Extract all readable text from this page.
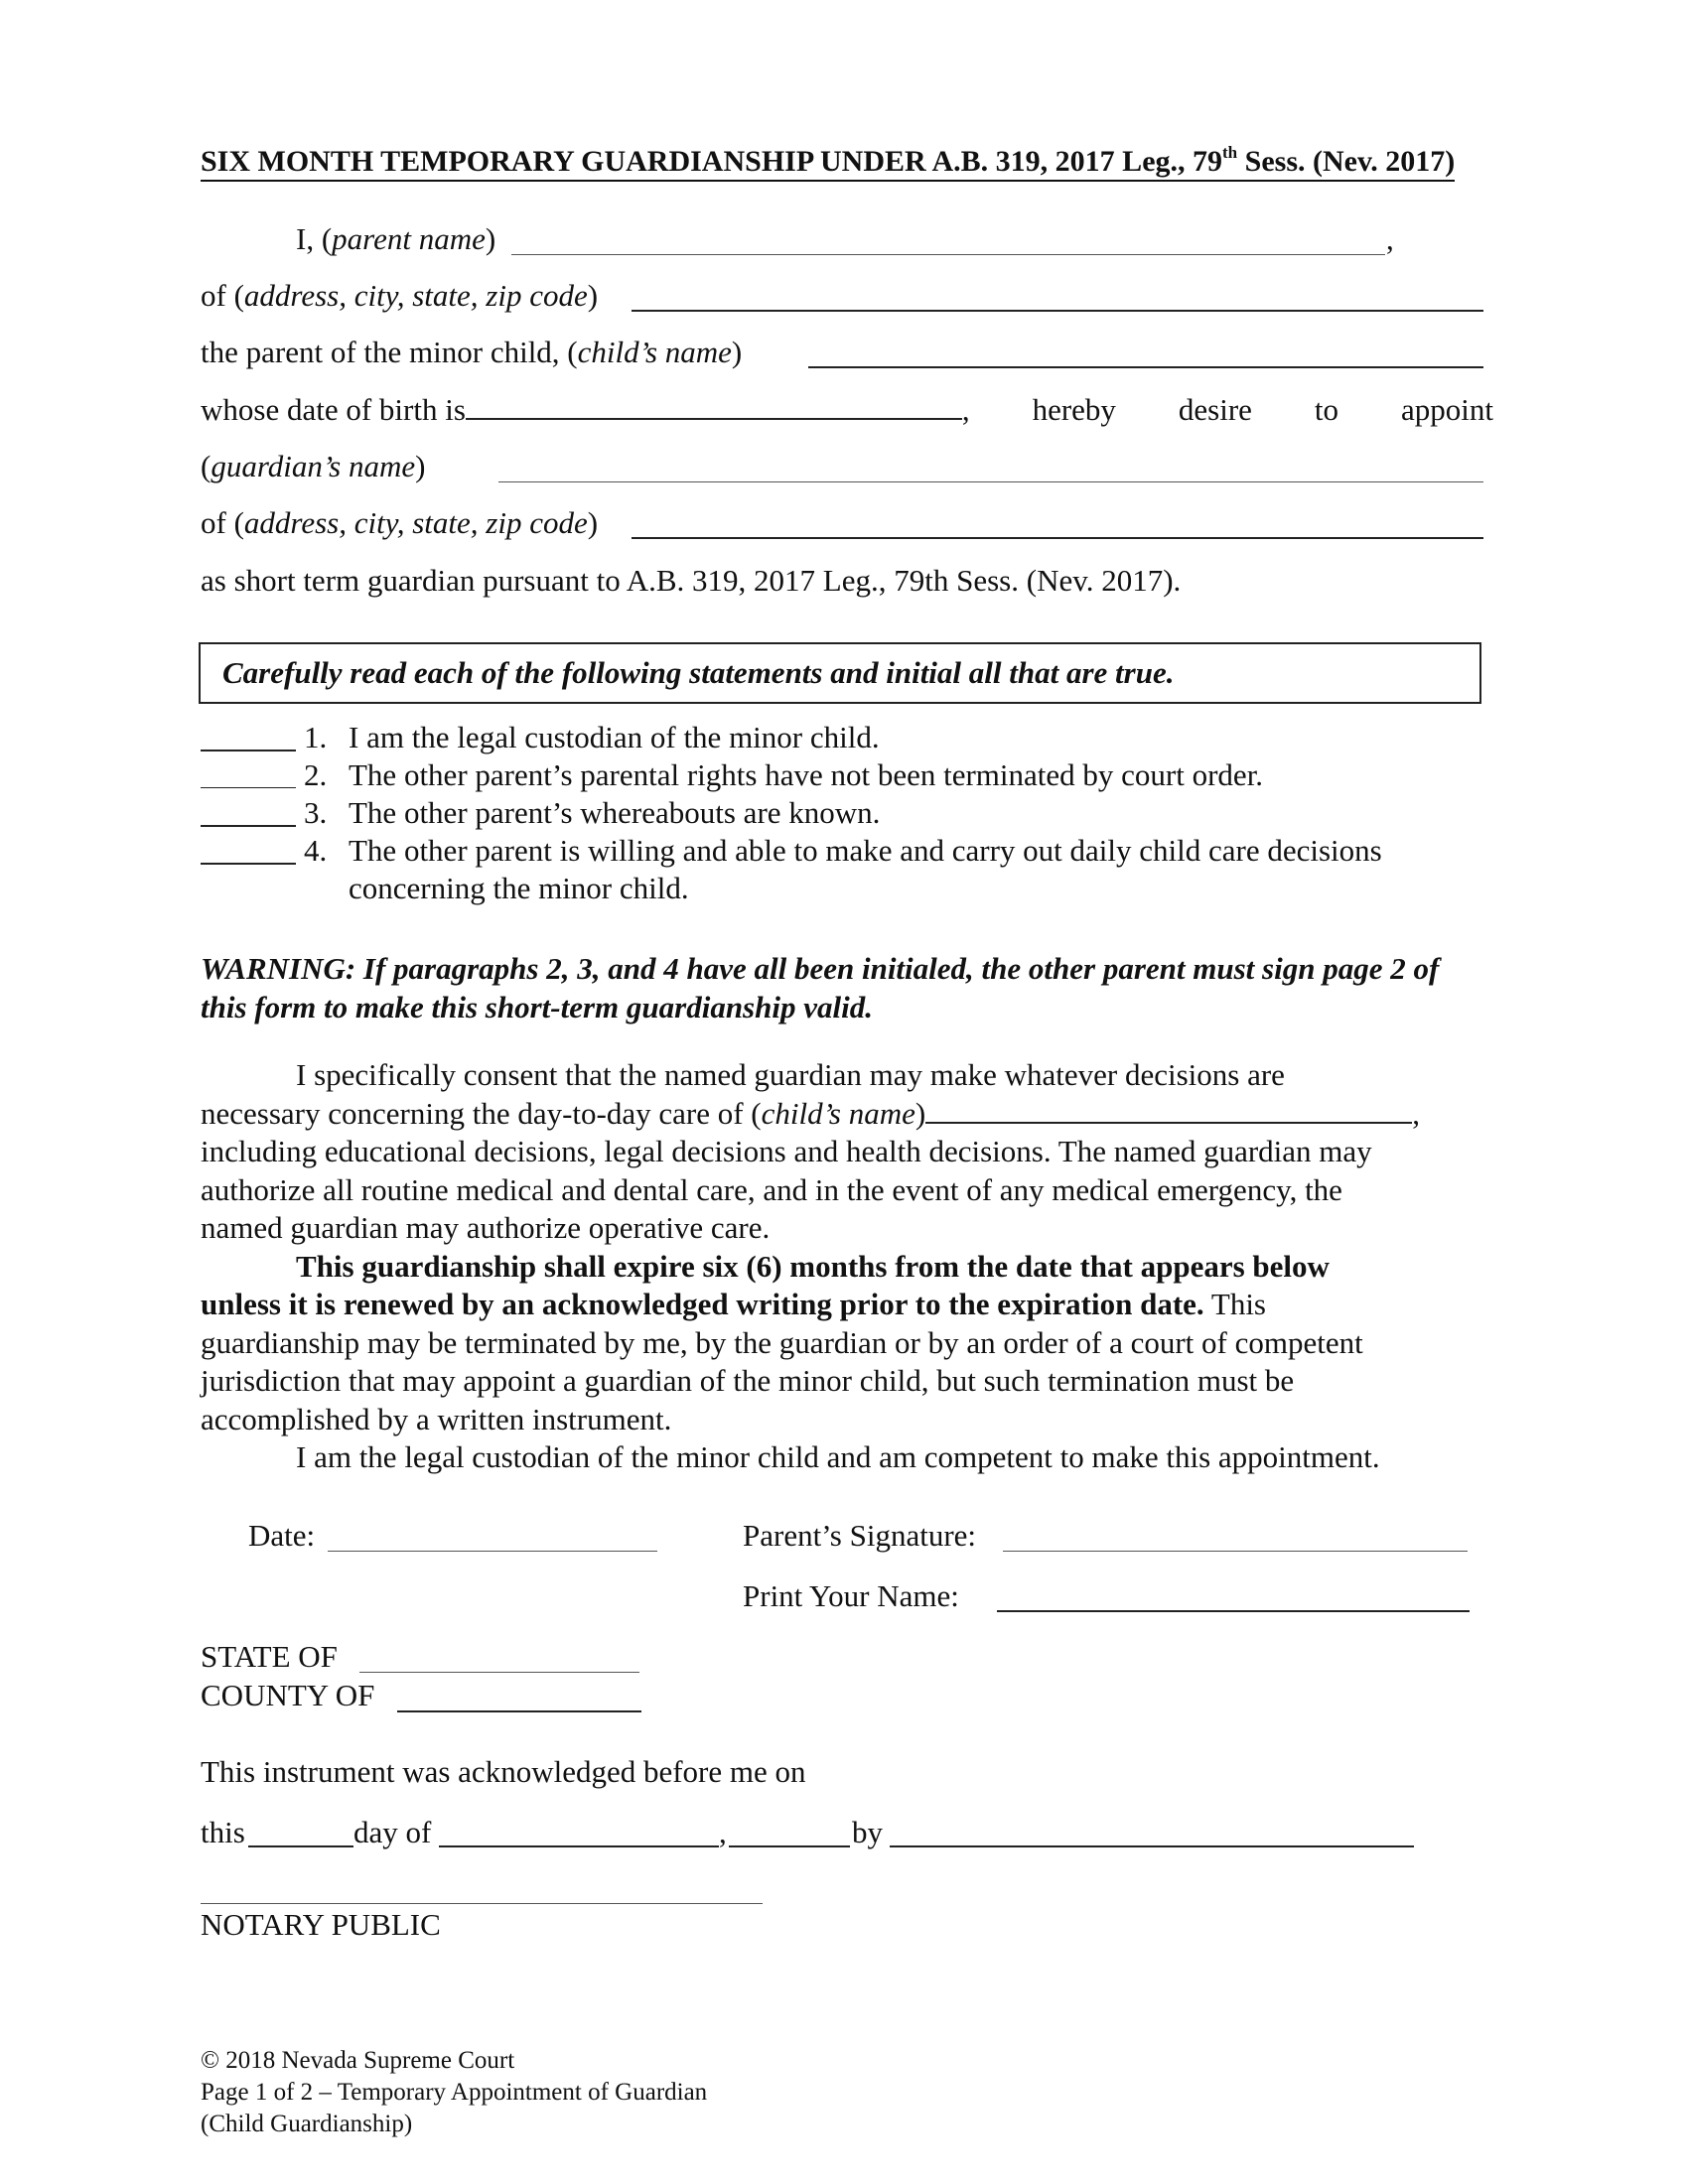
SIX MONTH TEMPORARY GUARDIANSHIP UNDER A.B. 319, 2017 Leg., 79th Sess. (Nev. 2017)
I, (parent name)	,
of (address, city, state, zip code)
the parent of the minor child, (child’s name)
whose date of birth is	, hereby desire to appoint
(guardian’s name)
of (address, city, state, zip code)
as short term guardian pursuant to A.B. 319, 2017 Leg., 79th Sess. (Nev. 2017).
Carefully read each of the following statements and initial all that are true.
1. I am the legal custodian of the minor child.
2. The other parent’s parental rights have not been terminated by court order.
3. The other parent’s whereabouts are known.
4. The other parent is willing and able to make and carry out daily child care decisions
concerning the minor child.
WARNING: If paragraphs 2, 3, and 4 have all been initialed, the other parent must sign page 2 of this form to make this short-term guardianship valid.

I specifically consent that the named guardian may make whatever decisions are

necessary concerning the day-to-day care of (child’s name)	,

including educational decisions, legal decisions and health decisions. The named guardian may

authorize all routine medical and dental care, and in the event of any medical emergency, the

named guardian may authorize operative care.

This guardianship shall expire six (6) months from the date that appears below

unless it is renewed by an acknowledged writing prior to the expiration date. This

guardianship may be terminated by me, by the guardian or by an order of a court of competent

jurisdiction that may appoint a guardian of the minor child, but such termination must be

accomplished by a written instrument.

I am the legal custodian of the minor child and am competent to make this appointment.

Date:	Parent’s Signature:
Print Your Name:
STATE OF
COUNTY OF
This instrument was acknowledged before me on
this	day of	,	by
NOTARY PUBLIC
© 2018 Nevada Supreme Court
Page 1 of 2 – Temporary Appointment of Guardian
(Child Guardianship)
